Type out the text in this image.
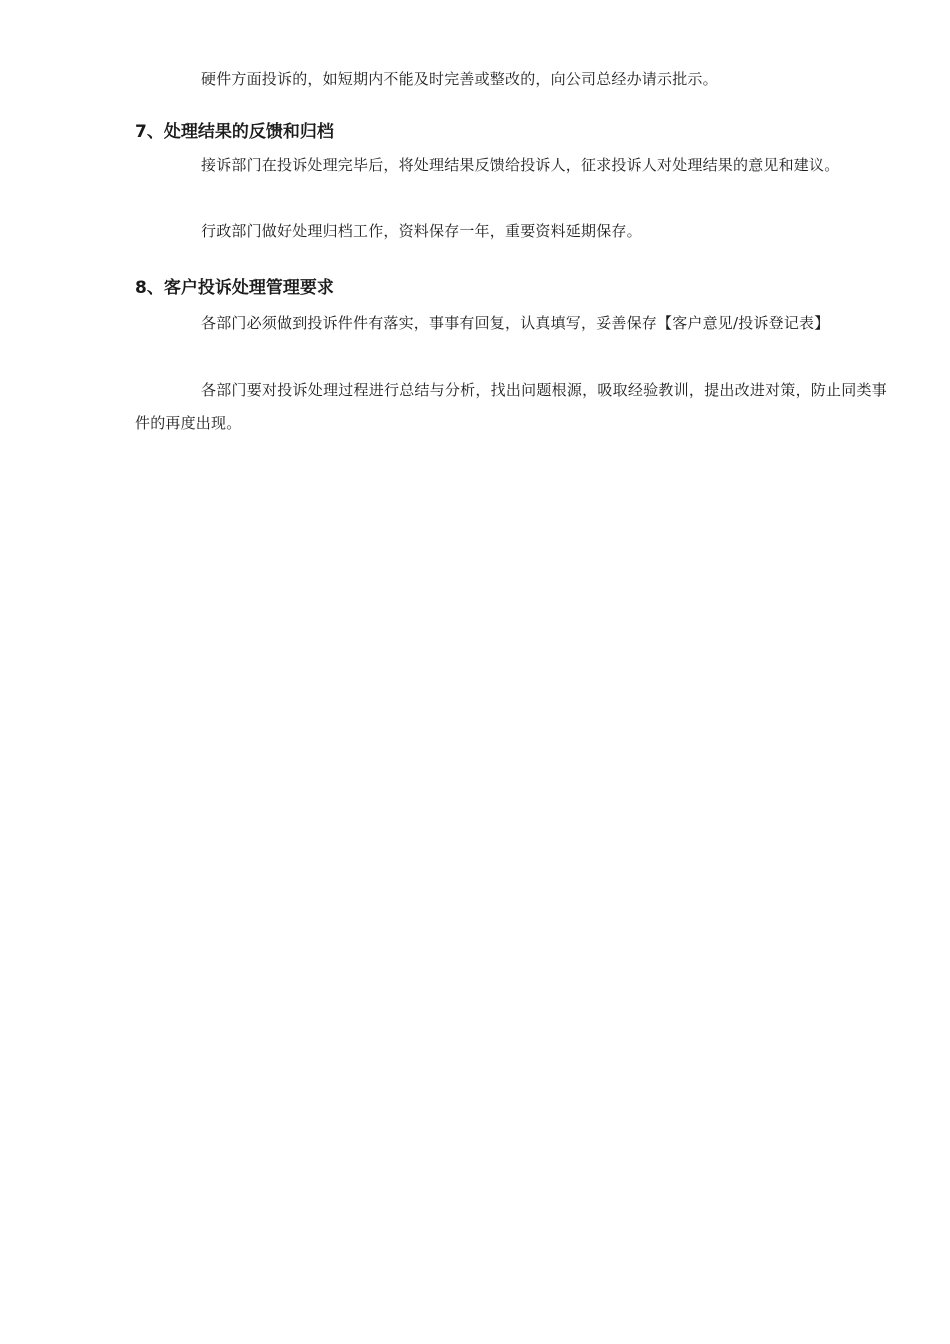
硬件方面投诉的，如短期内不能及时完善或整改的，向公司总经办请示批示。

7、处理结果的反馈和归档

接诉部门在投诉处理完毕后，将处理结果反馈给投诉人，征求投诉人对处理结果的意见和建议。

行政部门做好处理归档工作，资料保存一年，重要资料延期保存。

8、客户投诉处理管理要求

各部门必须做到投诉件件有落实，事事有回复，认真填写，妥善保存【客户意见/投诉登记表】

各部门要对投诉处理过程进行总结与分析，找出问题根源，吸取经验教训，提出改进对策，防止同类事件的再度出现。
